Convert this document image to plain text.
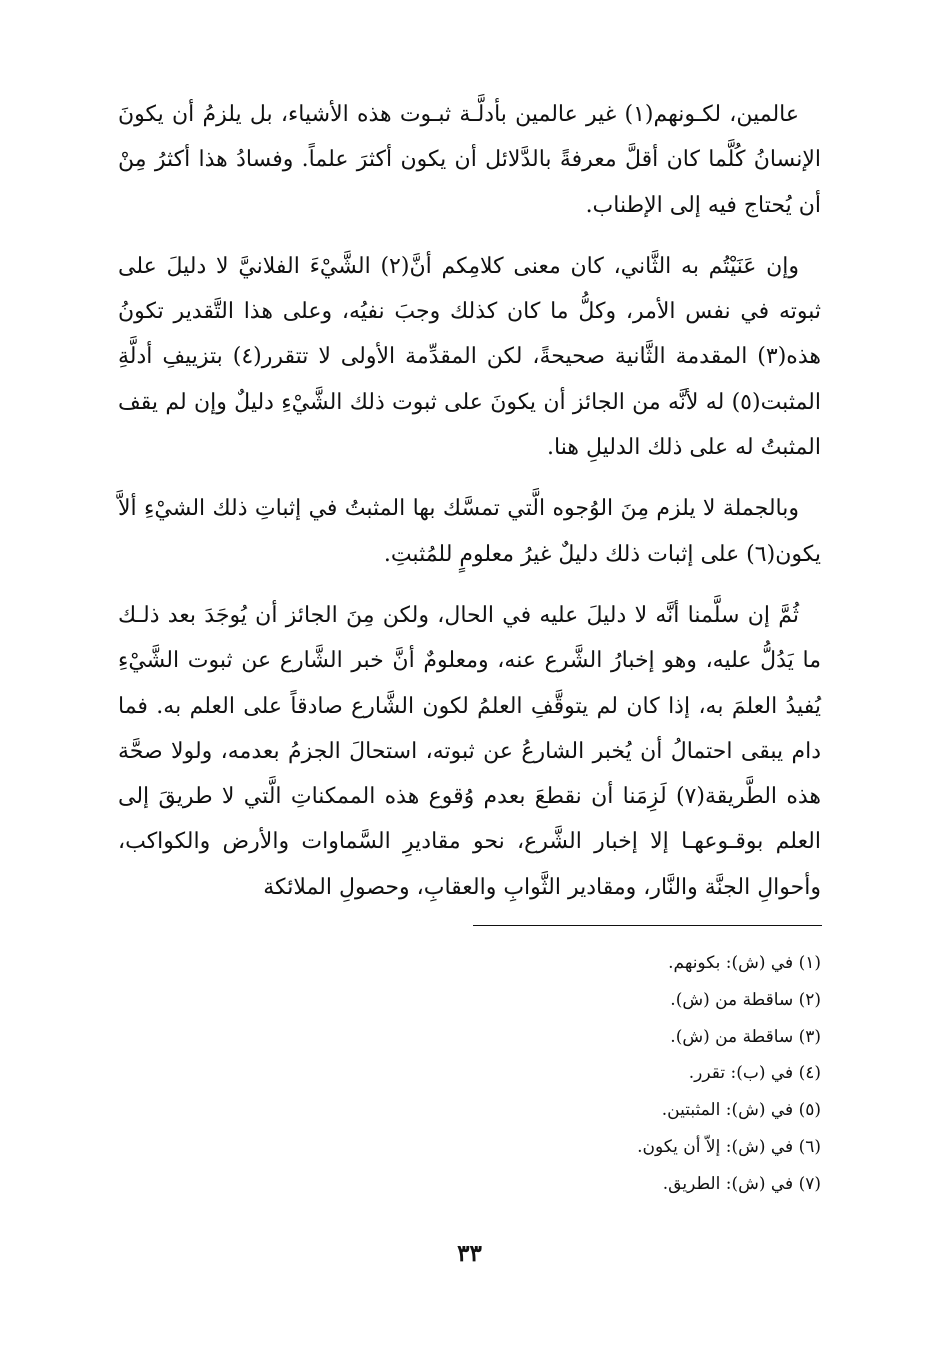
عالمين، لكـونهم(١) غير عالمين بأدلَّـة ثبـوت هذه الأشياء، بل يلزمُ أن يكونَ الإنسانُ كُلَّما كان أقلَّ معرفةً بالدَّلائل أن يكون أكثرَ علماً. وفسادُ هذا أكثرُ مِنْ أن يُحتاج فيه إلى الإطناب.

وإن عَنَيْتُم به الثَّاني، كان معنى كلامِكم أنَّ(٢) الشَّيْءَ الفلانيَّ لا دليلَ على ثبوته في نفس الأمر، وكلُّ ما كان كذلك وجبَ نفيُه، وعلى هذا التَّقدير تكونُ هذه(٣) المقدمة الثَّانية صحيحةً، لكن المقدِّمة الأولى لا تتقرر(٤) بتزييفِ أدلَّةِ المثبت(٥) له لأنَّه من الجائز أن يكونَ على ثبوت ذلك الشَّيْءِ دليلٌ وإن لم يقف المثبتُ له على ذلك الدليلِ هنا.

وبالجملة لا يلزم مِنَ الوُجوه الَّتي تمسَّك بها المثبتُ في إثباتِ ذلك الشيْءِ ألاَّ يكون(٦) على إثبات ذلك دليلٌ غيرُ معلومٍ للمُثبتِ.

ثُمَّ إن سلَّمنا أنَّه لا دليلَ عليه في الحال، ولكن مِنَ الجائز أن يُوجَدَ بعد ذلـك ما يَدُلُّ عليه، وهو إخبارُ الشَّرع عنه، ومعلومٌ أنَّ خبر الشَّارع عن ثبوت الشَّيْءِ يُفيدُ العلمَ به، إذا كان لم يتوقَّفِ العلمُ لكون الشَّارع صادقاً على العلم به. فما دام يبقى احتمالُ أن يُخبر الشارعُ عن ثبوته، استحالَ الجزمُ بعدمه، ولولا صحَّة هذه الطَّريقة(٧) لَزِمَنا أن نقطعَ بعدم وُقوع هذه الممكناتِ الَّتي لا طريقَ إلى العلم بوقـوعهـا إلا إخبار الشَّرع، نحو مقاديرِ السَّماوات والأرض والكواكب، وأحوالِ الجنَّة والنَّار، ومقادير الثَّوابِ والعقابِ، وحصولِ الملائكة

(١) في (ش): بكونهم.

(٢) ساقطة من (ش).

(٣) ساقطة من (ش).

(٤) في (ب): تقرر.

(٥) في (ش): المثبتين.

(٦) في (ش): إلاّ أن يكون.

(٧) في (ش): الطريق.

٣٣
